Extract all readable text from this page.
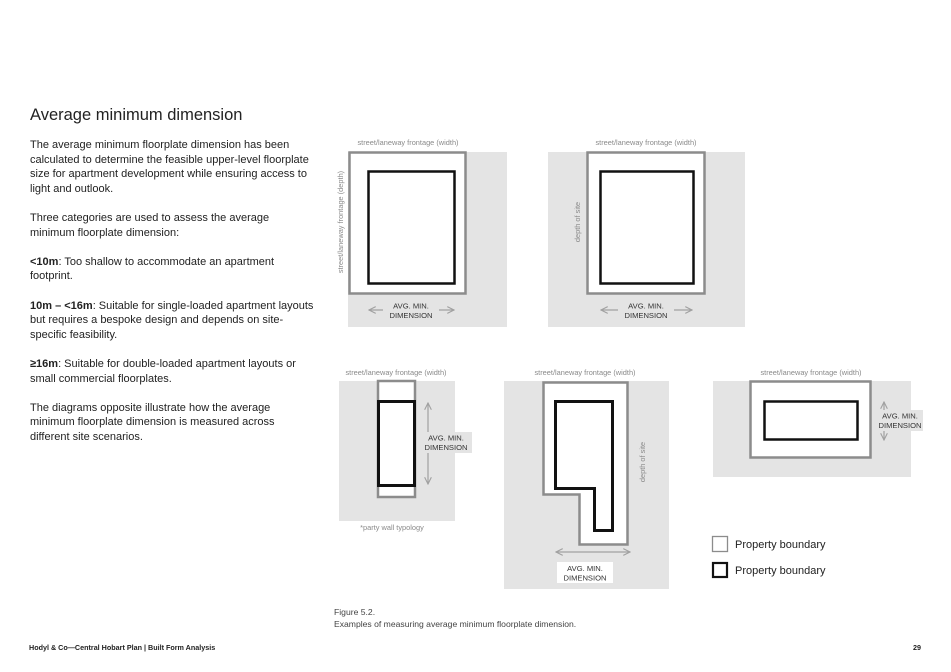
Average minimum dimension

The average minimum floorplate dimension has been calculated to determine the feasible upper-level floorplate size for apartment development while ensuring access to light and outlook.

Three categories are used to assess the average minimum floorplate dimension:

<10m: Too shallow to accommodate an apartment footprint.

10m – <16m: Suitable for single-loaded apartment layouts but requires a bespoke design and depends on site-specific feasibility.

≥16m: Suitable for double-loaded apartment layouts or small commercial floorplates.

The diagrams opposite illustrate how the average minimum floorplate dimension is measured across different site scenarios.

street/laneway frontage (width)
street/laneway frontage (depth)
AVG. MIN.
DIMENSION
street/laneway frontage (width)
depth of site
AVG. MIN.
DIMENSION
street/laneway frontage (width)
AVG. MIN.
DIMENSION
*party wall typology
street/laneway frontage (width)
depth of site
AVG. MIN.
DIMENSION
street/laneway frontage (width)
AVG. MIN.
DIMENSION
Property boundary
Property boundary
Figure 5.2.
Examples of measuring average minimum floorplate dimension.
Hodyl & Co—Central Hobart Plan | Built Form Analysis	29
